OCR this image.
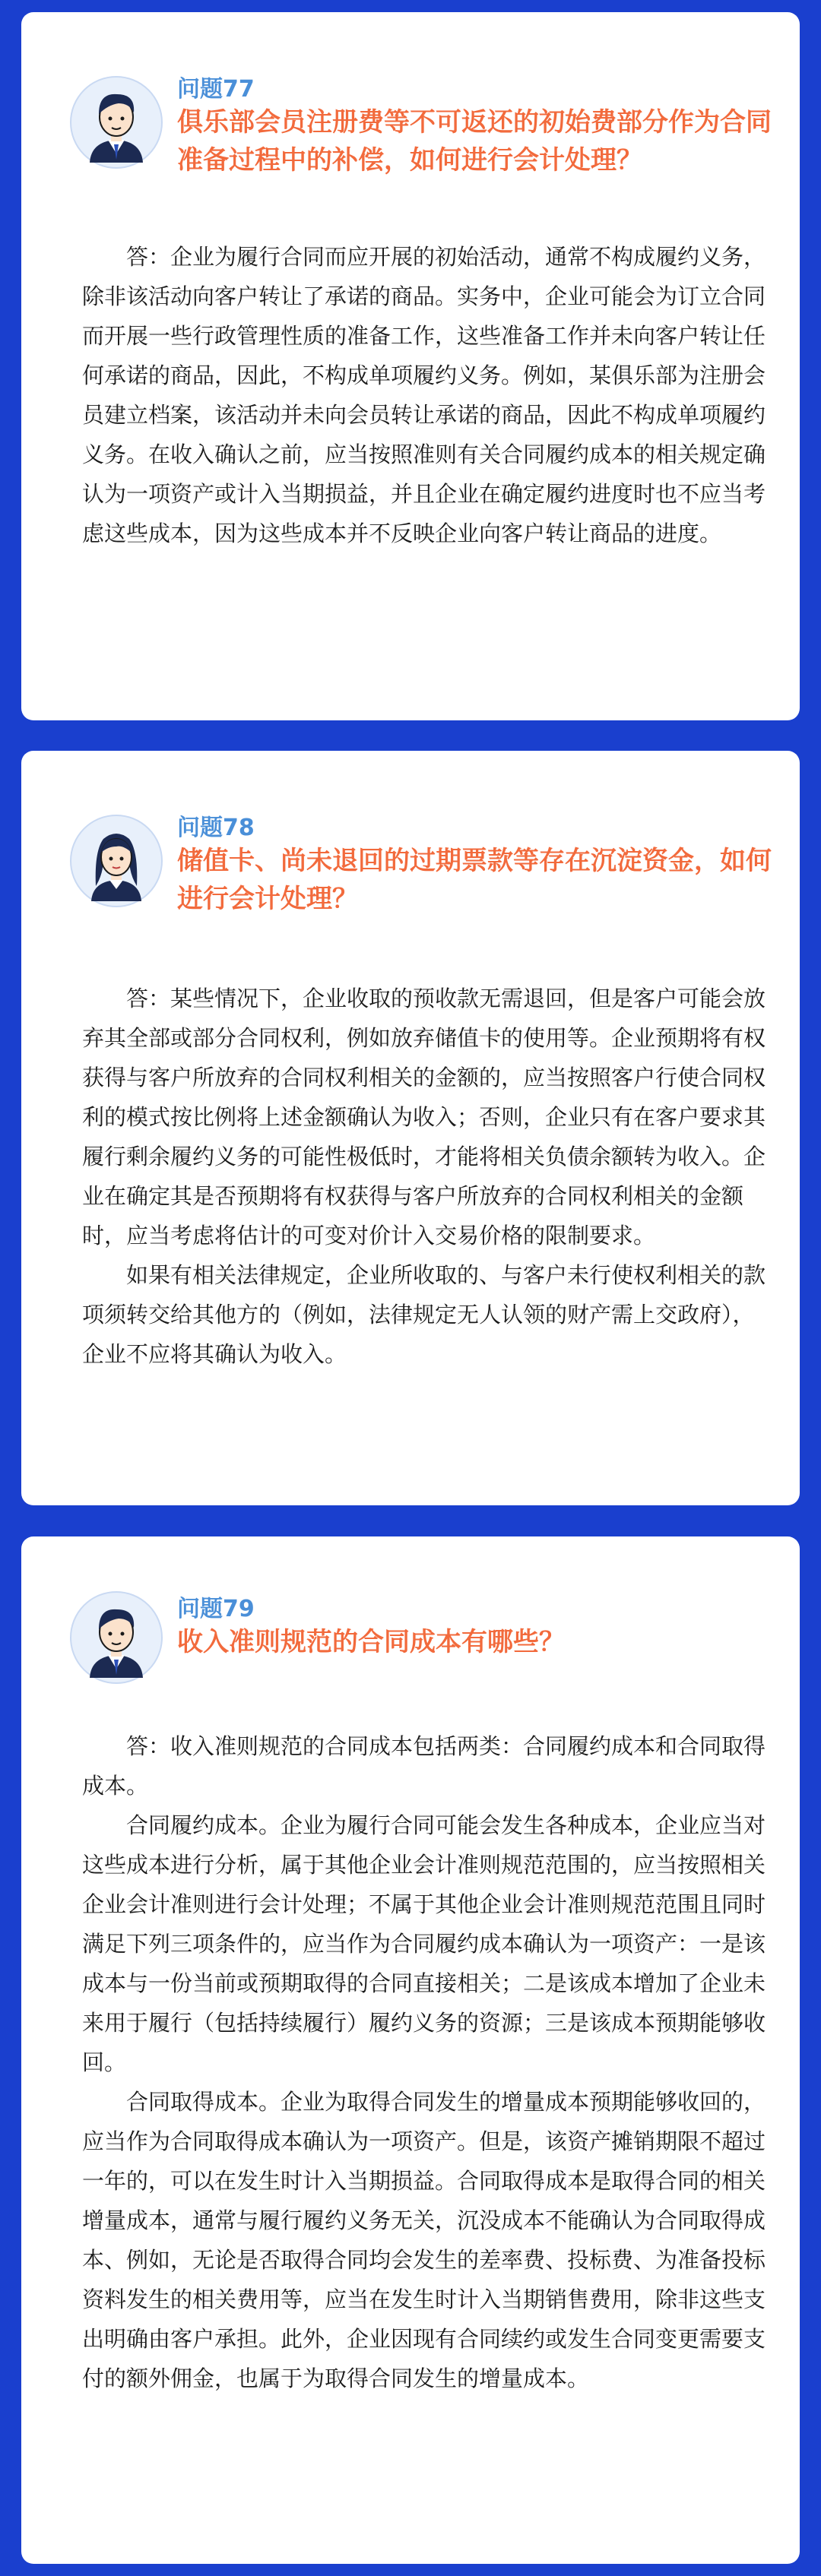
问题77
俱乐部会员注册费等不可返还的初始费部分作为合同准备过程中的补偿，如何进行会计处理？

答：企业为履行合同而应开展的初始活动，通常不构成履约义务，除非该活动向客户转让了承诺的商品。实务中，企业可能会为订立合同而开展一些行政管理性质的准备工作，这些准备工作并未向客户转让任何承诺的商品，因此，不构成单项履约义务。例如，某俱乐部为注册会员建立档案，该活动并未向会员转让承诺的商品，因此不构成单项履约义务。在收入确认之前，应当按照准则有关合同履约成本的相关规定确认为一项资产或计入当期损益，并且企业在确定履约进度时也不应当考虑这些成本，因为这些成本并不反映企业向客户转让商品的进度。

问题78
储值卡、尚未退回的过期票款等存在沉淀资金，如何进行会计处理？

答：某些情况下，企业收取的预收款无需退回，但是客户可能会放弃其全部或部分合同权利，例如放弃储值卡的使用等。企业预期将有权获得与客户所放弃的合同权利相关的金额的，应当按照客户行使合同权利的模式按比例将上述金额确认为收入；否则，企业只有在客户要求其履行剩余履约义务的可能性极低时，才能将相关负债余额转为收入。企业在确定其是否预期将有权获得与客户所放弃的合同权利相关的金额时，应当考虑将估计的可变对价计入交易价格的限制要求。

如果有相关法律规定，企业所收取的、与客户未行使权利相关的款项须转交给其他方的（例如，法律规定无人认领的财产需上交政府），企业不应将其确认为收入。

问题79
收入准则规范的合同成本有哪些？

答：收入准则规范的合同成本包括两类：合同履约成本和合同取得成本。

合同履约成本。企业为履行合同可能会发生各种成本，企业应当对这些成本进行分析，属于其他企业会计准则规范范围的，应当按照相关企业会计准则进行会计处理；不属于其他企业会计准则规范范围且同时满足下列三项条件的，应当作为合同履约成本确认为一项资产：一是该成本与一份当前或预期取得的合同直接相关；二是该成本增加了企业未来用于履行（包括持续履行）履约义务的资源；三是该成本预期能够收回。

合同取得成本。企业为取得合同发生的增量成本预期能够收回的，应当作为合同取得成本确认为一项资产。但是，该资产摊销期限不超过一年的，可以在发生时计入当期损益。合同取得成本是取得合同的相关增量成本，通常与履行履约义务无关，沉没成本不能确认为合同取得成本、例如，无论是否取得合同均会发生的差率费、投标费、为准备投标资料发生的相关费用等，应当在发生时计入当期销售费用，除非这些支出明确由客户承担。此外，企业因现有合同续约或发生合同变更需要支付的额外佣金，也属于为取得合同发生的增量成本。
